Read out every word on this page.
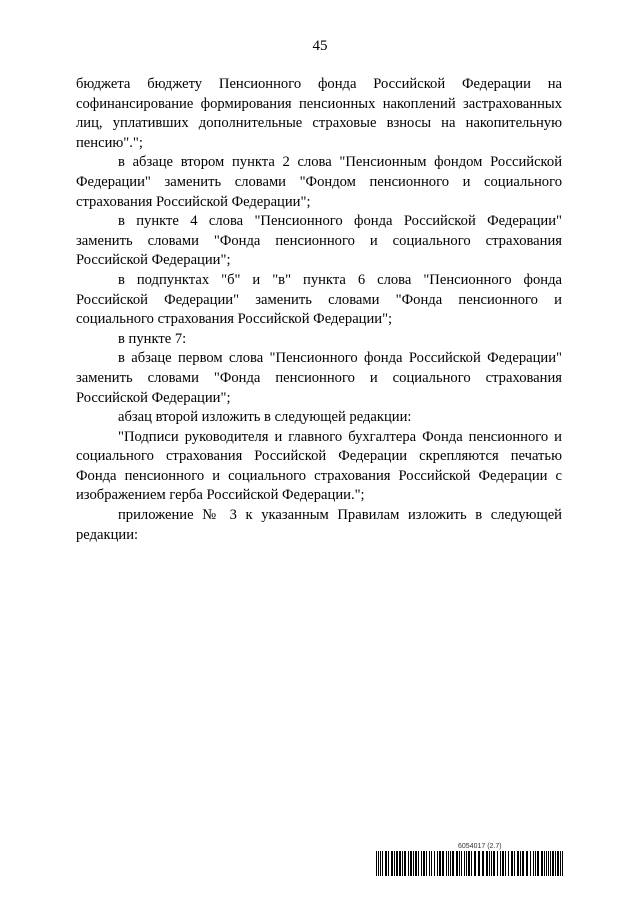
45

бюджета бюджету Пенсионного фонда Российской Федерации на софинансирование формирования пенсионных накоплений застрахованных лиц, уплативших дополнительные страховые взносы на накопительную пенсию".";

в абзаце втором пункта 2 слова "Пенсионным фондом Российской Федерации" заменить словами "Фондом пенсионного и социального страхования Российской Федерации";

в пункте 4 слова "Пенсионного фонда Российской Федерации" заменить словами "Фонда пенсионного и социального страхования Российской Федерации";

в подпунктах "б" и "в" пункта 6 слова "Пенсионного фонда Российской Федерации" заменить словами "Фонда пенсионного и социального страхования Российской Федерации";

в пункте 7:

в абзаце первом слова "Пенсионного фонда Российской Федерации" заменить словами "Фонда пенсионного и социального страхования Российской Федерации";

абзац второй изложить в следующей редакции:

"Подписи руководителя и главного бухгалтера Фонда пенсионного и социального страхования Российской Федерации скрепляются печатью Фонда пенсионного и социального страхования Российской Федерации с изображением герба Российской Федерации.";

приложение № 3 к указанным Правилам изложить в следующей редакции:

6054017 (2.7)
